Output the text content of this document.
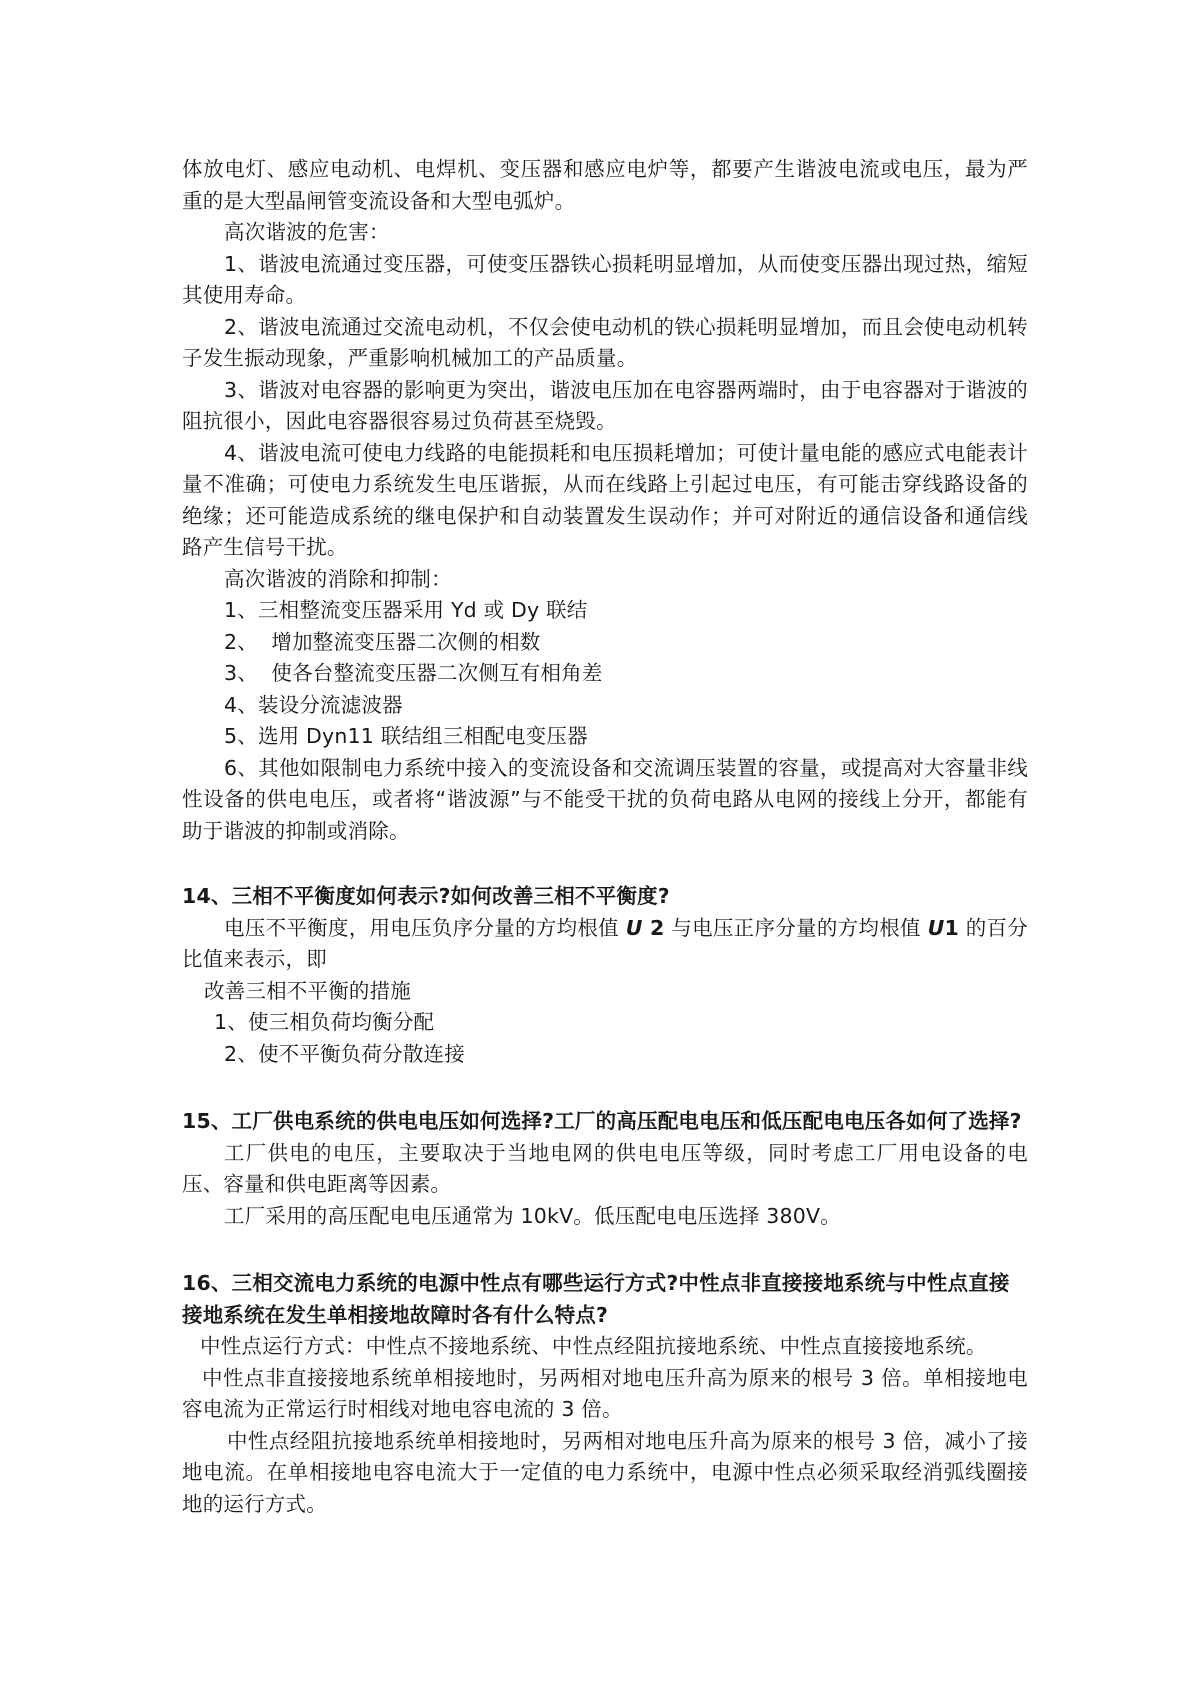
体放电灯、感应电动机、电焊机、变压器和感应电炉等，都要产生谐波电流或电压，最为严重的是大型晶闸管变流设备和大型电弧炉。

高次谐波的危害：

1、谐波电流通过变压器，可使变压器铁心损耗明显增加，从而使变压器出现过热，缩短其使用寿命。

2、谐波电流通过交流电动机，不仅会使电动机的铁心损耗明显增加，而且会使电动机转子发生振动现象，严重影响机械加工的产品质量。

3、谐波对电容器的影响更为突出，谐波电压加在电容器两端时，由于电容器对于谐波的阻抗很小，因此电容器很容易过负荷甚至烧毁。

4、谐波电流可使电力线路的电能损耗和电压损耗增加；可使计量电能的感应式电能表计量不准确；可使电力系统发生电压谐振，从而在线路上引起过电压，有可能击穿线路设备的绝缘；还可能造成系统的继电保护和自动装置发生误动作；并可对附近的通信设备和通信线路产生信号干扰。

高次谐波的消除和抑制：

1、三相整流变压器采用 Yd 或 Dy 联结

2、  增加整流变压器二次侧的相数

3、  使各台整流变压器二次侧互有相角差

4、装设分流滤波器

5、选用 Dyn11 联结组三相配电变压器

6、其他如限制电力系统中接入的变流设备和交流调压装置的容量，或提高对大容量非线性设备的供电电压，或者将“谐波源”与不能受干扰的负荷电路从电网的接线上分开，都能有助于谐波的抑制或消除。

14、三相不平衡度如何表示?如何改善三相不平衡度?

电压不平衡度，用电压负序分量的方均根值 U 2 与电压正序分量的方均根值 U1 的百分比值来表示，即

改善三相不平衡的措施

1、使三相负荷均衡分配

2、使不平衡负荷分散连接

15、工厂供电系统的供电电压如何选择?工厂的高压配电电压和低压配电电压各如何了选择?

工厂供电的电压，主要取决于当地电网的供电电压等级，同时考虑工厂用电设备的电压、容量和供电距离等因素。

工厂采用的高压配电电压通常为 10kV。低压配电电压选择 380V。

16、三相交流电力系统的电源中性点有哪些运行方式?中性点非直接接地系统与中性点直接接地系统在发生单相接地故障时各有什么特点?

中性点运行方式：中性点不接地系统、中性点经阻抗接地系统、中性点直接接地系统。

中性点非直接接地系统单相接地时，另两相对地电压升高为原来的根号 3 倍。单相接地电容电流为正常运行时相线对地电容电流的 3 倍。

中性点经阻抗接地系统单相接地时，另两相对地电压升高为原来的根号 3 倍，减小了接地电流。在单相接地电容电流大于一定值的电力系统中，电源中性点必须采取经消弧线圈接地的运行方式。
